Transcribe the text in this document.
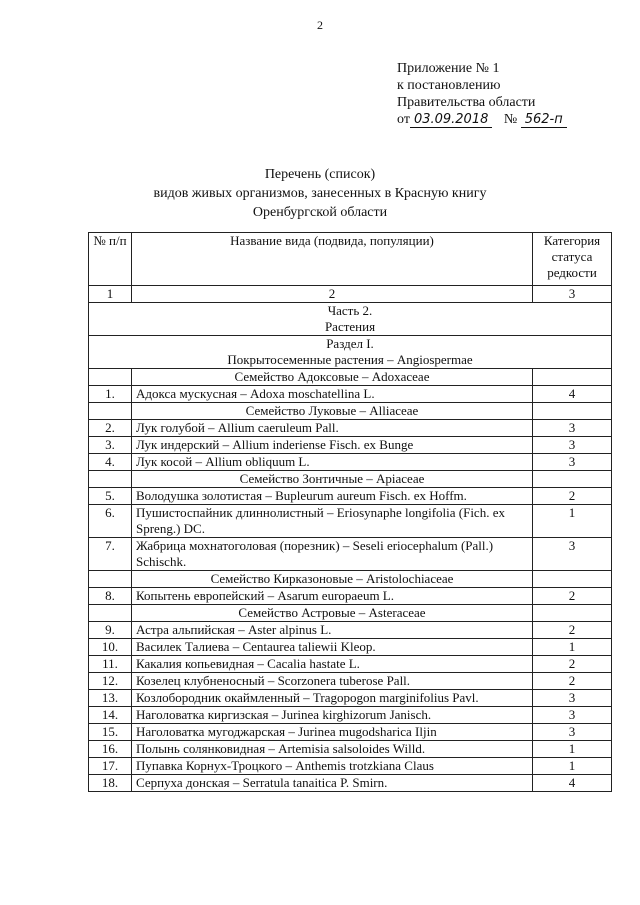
2
Приложение № 1
к постановлению
Правительства области
от 03.09.2018 № 562-п
Перечень (список)
видов живых организмов, занесенных в Красную книгу
Оренбургской области
№ п/п	Название вида (подвида, популяции)	Категория статуса редкости
1	2	3

Часть 2.
Растения		

Раздел I.
Покрытосеменные растения – Angiospermae		

	Семейство Адоксовые – Adoxaceae	
1.	Адокса мускусная – Adoxa moschatellina L.	4
	Семейство Луковые – Alliaceae	
2.	Лук голубой – Allium caeruleum Pall.	3
3.	Лук индерский – Allium inderiense Fisch. ex Bunge	3
4.	Лук косой – Allium obliquum L.	3
	Семейство Зонтичные – Apiaceae	
5.	Володушка золотистая – Bupleurum aureum Fisch. ex Hoffm.	2
6.	Пушистоспайник длиннолистный – Eriosynaphe longifolia (Fich. ex Spreng.) DC.	1
7.	Жабрица мохнатоголовая (порезник) – Seseli eriocephalum (Pall.) Schischk.	3
	Семейство Кирказоновые – Aristolochiaceae	
8.	Копытень европейский – Asarum europaeum L.	2
	Семейство Астровые – Asteraceae	
9.	Астра альпийская – Aster alpinus L.	2
10.	Василек Талиева – Centaurea taliewii Kleop.	1
11.	Какалия копьевидная – Cacalia hastate L.	2
12.	Козелец клубненосный – Scorzonera tuberose Pall.	2
13.	Козлобородник окаймленный – Tragopogon marginifolius Pavl.	3
14.	Наголоватка киргизская – Jurinea kirghizorum Janisch.	3
15.	Наголоватка мугоджарская – Jurinea mugodsharica Iljin	3
16.	Полынь солянковидная – Artemisia salsoloides Willd.	1
17.	Пупавка Корнух-Троцкого – Anthemis trotzkiana Claus	1
18.	Серпуха донская – Serratula tanaitica P. Smirn.	4
